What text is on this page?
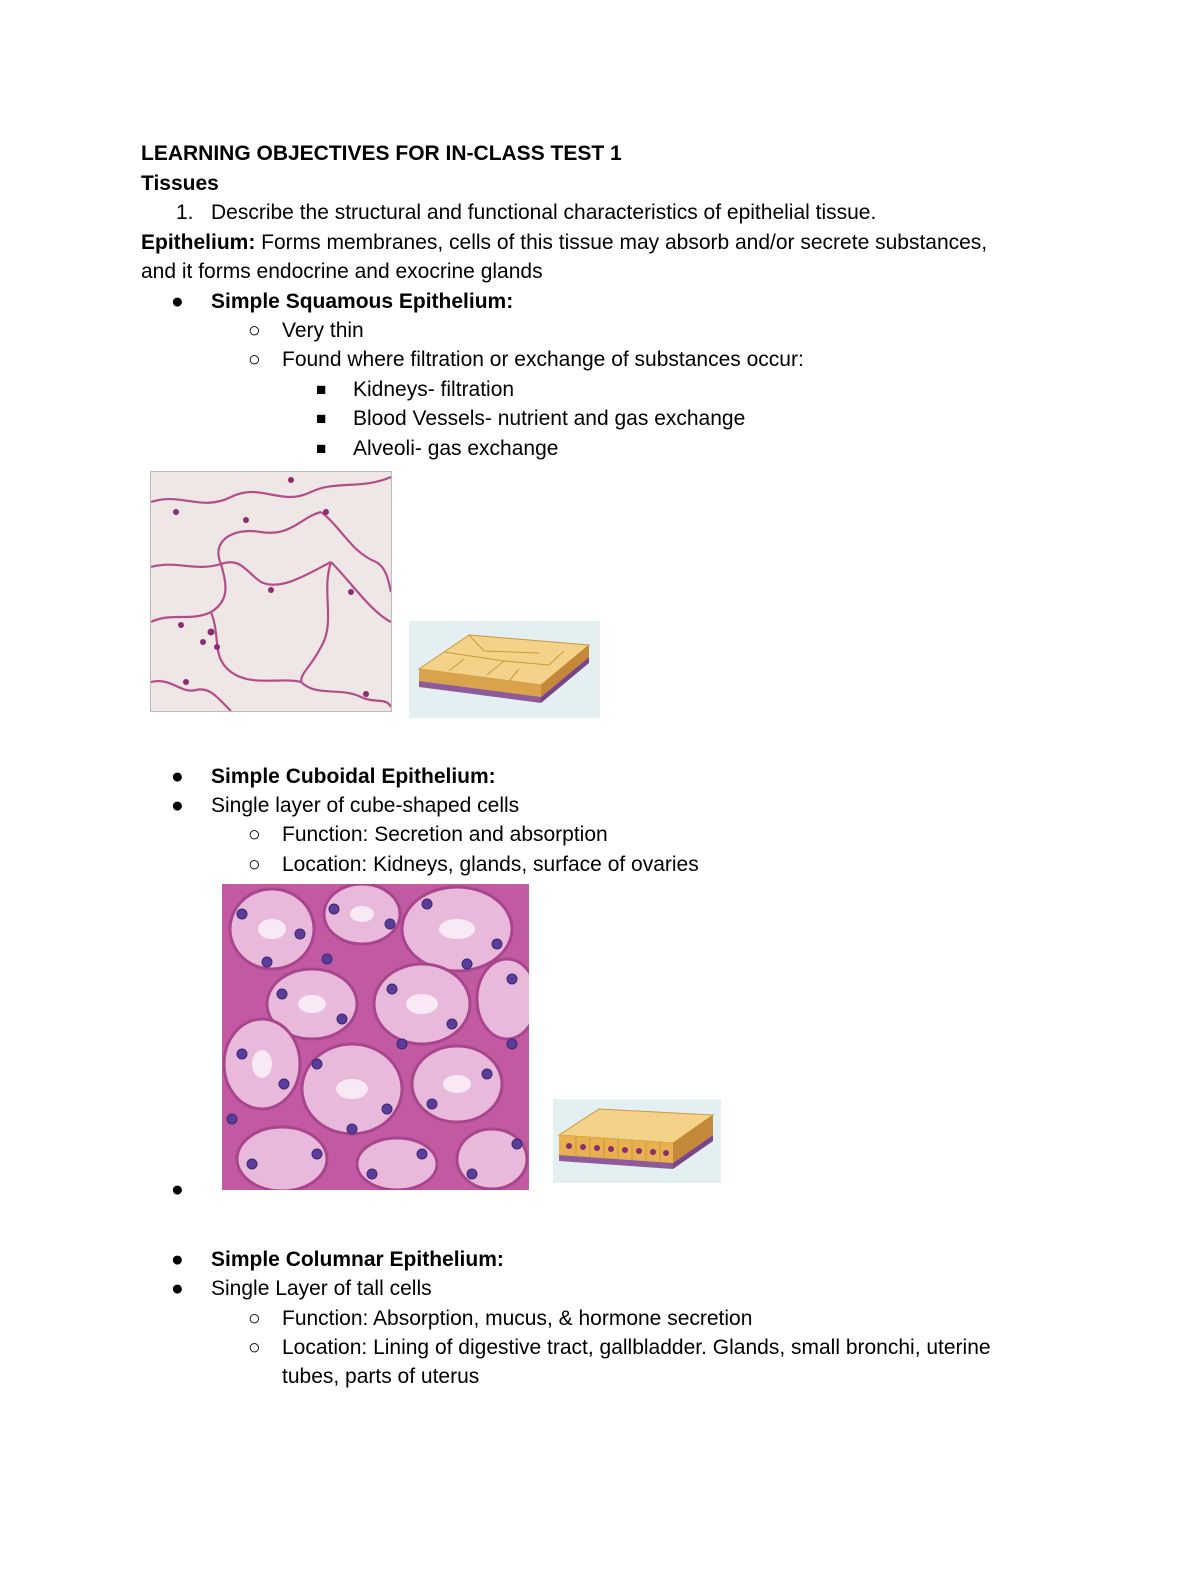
LEARNING OBJECTIVES FOR IN-CLASS TEST 1
Tissues
1. Describe the structural and functional characteristics of epithelial tissue.
Epithelium: Forms membranes, cells of this tissue may absorb and/or secrete substances,
and it forms endocrine and exocrine glands
● Simple Squamous Epithelium:
○ Very thin
○ Found where filtration or exchange of substances occur:
■ Kidneys- filtration
■ Blood Vessels- nutrient and gas exchange
■ Alveoli- gas exchange
● Simple Cuboidal Epithelium:
● Single layer of cube-shaped cells
○ Function: Secretion and absorption
○ Location: Kidneys, glands, surface of ovaries
●
● Simple Columnar Epithelium:
● Single Layer of tall cells
○ Function: Absorption, mucus, & hormone secretion
○ Location: Lining of digestive tract, gallbladder. Glands, small bronchi, uterine
tubes, parts of uterus
